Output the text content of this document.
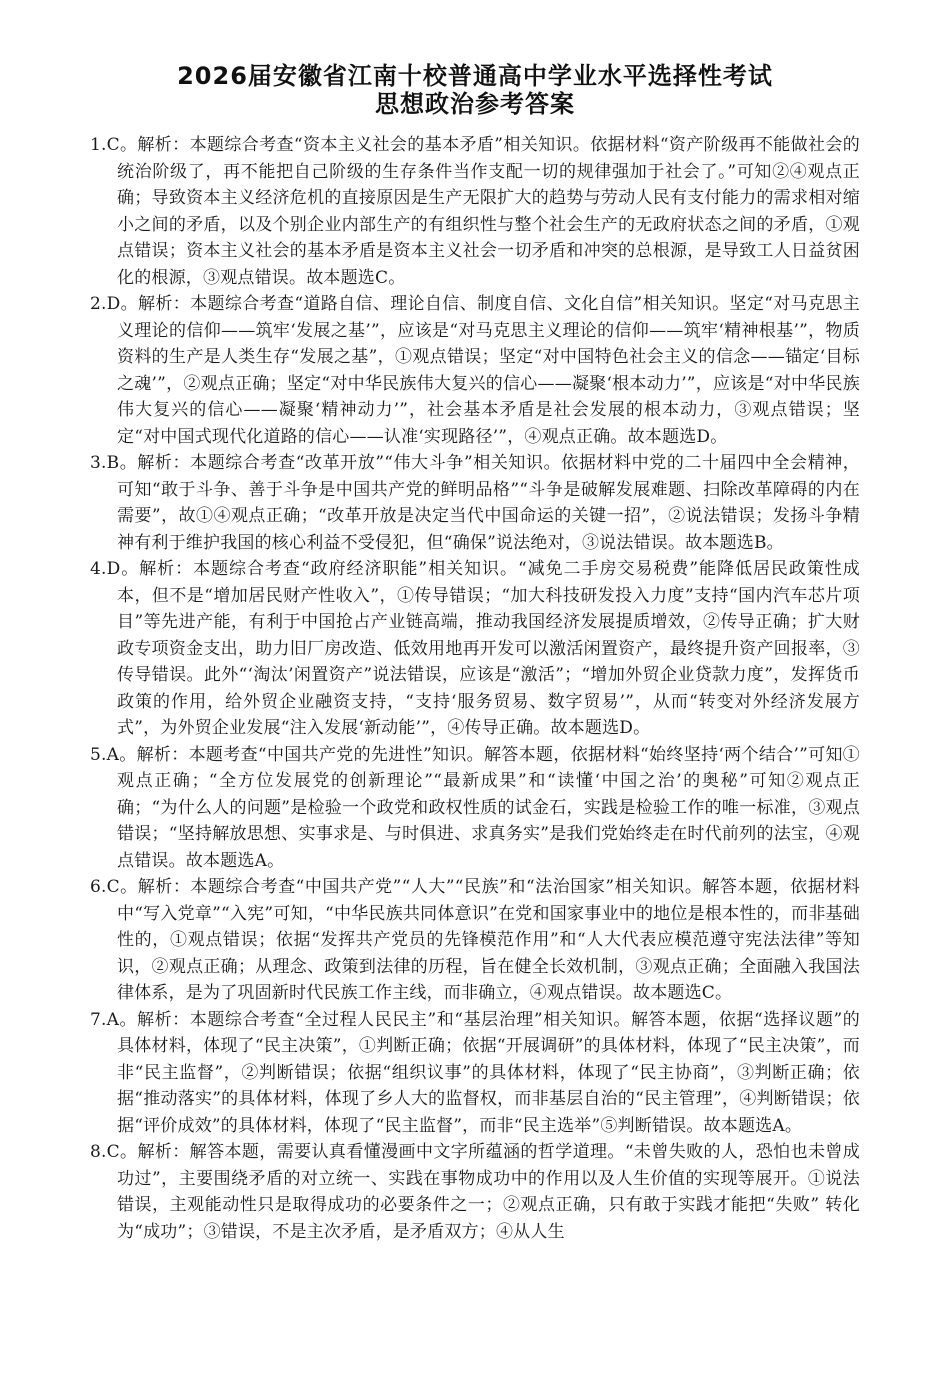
2026届安徽省江南十校普通高中学业水平选择性考试
思想政治参考答案

1.C。解析：本题综合考查“资本主义社会的基本矛盾”相关知识。依据材料“资产阶级再不能做社会的统治阶级了，再不能把自己阶级的生存条件当作支配一切的规律强加于社会了。”可知②④观点正确；导致资本主义经济危机的直接原因是生产无限扩大的趋势与劳动人民有支付能力的需求相对缩小之间的矛盾，以及个别企业内部生产的有组织性与整个社会生产的无政府状态之间的矛盾，①观点错误；资本主义社会的基本矛盾是资本主义社会一切矛盾和冲突的总根源，是导致工人日益贫困化的根源，③观点错误。故本题选C。

2.D。解析：本题综合考查“道路自信、理论自信、制度自信、文化自信”相关知识。坚定“对马克思主义理论的信仰——筑牢‘发展之基’”，应该是“对马克思主义理论的信仰——筑牢‘精神根基’”，物质资料的生产是人类生存“发展之基”，①观点错误；坚定“对中国特色社会主义的信念——锚定‘目标之魂’”，②观点正确；坚定“对中华民族伟大复兴的信心——凝聚‘根本动力’”，应该是“对中华民族伟大复兴的信心——凝聚‘精神动力’”，社会基本矛盾是社会发展的根本动力，③观点错误；坚定“对中国式现代化道路的信心——认准‘实现路径’”，④观点正确。故本题选D。

3.B。解析：本题综合考查“改革开放”“伟大斗争”相关知识。依据材料中党的二十届四中全会精神，可知“敢于斗争、善于斗争是中国共产党的鲜明品格”“斗争是破解发展难题、扫除改革障碍的内在需要”，故①④观点正确；“改革开放是决定当代中国命运的关键一招”，②说法错误；发扬斗争精神有利于维护我国的核心利益不受侵犯，但“确保”说法绝对，③说法错误。故本题选B。

4.D。解析：本题综合考查“政府经济职能”相关知识。“减免二手房交易税费”能降低居民政策性成本，但不是“增加居民财产性收入”，①传导错误；“加大科技研发投入力度”支持“国内汽车芯片项目”等先进产能，有利于中国抢占产业链高端，推动我国经济发展提质增效，②传导正确；扩大财政专项资金支出，助力旧厂房改造、低效用地再开发可以激活闲置资产，最终提升资产回报率，③传导错误。此外“‘淘汰’闲置资产”说法错误，应该是“激活”；“增加外贸企业贷款力度”，发挥货币政策的作用，给外贸企业融资支持，“支持‘服务贸易、数字贸易’”，从而“转变对外经济发展方式”，为外贸企业发展“注入发展‘新动能’”，④传导正确。故本题选D。

5.A。解析：本题考查“中国共产党的先进性”知识。解答本题，依据材料“始终坚持‘两个结合’”可知①观点正确；“全方位发展党的创新理论”“最新成果”和“读懂‘中国之治’的奥秘”可知②观点正确；“为什么人的问题”是检验一个政党和政权性质的试金石，实践是检验工作的唯一标准，③观点错误；“坚持解放思想、实事求是、与时俱进、求真务实”是我们党始终走在时代前列的法宝，④观点错误。故本题选A。

6.C。解析：本题综合考查“中国共产党”“人大”“民族”和“法治国家”相关知识。解答本题，依据材料中“写入党章”“入宪”可知，“中华民族共同体意识”在党和国家事业中的地位是根本性的，而非基础性的，①观点错误；依据“发挥共产党员的先锋模范作用”和“人大代表应模范遵守宪法法律”等知识，②观点正确；从理念、政策到法律的历程，旨在健全长效机制，③观点正确；全面融入我国法律体系，是为了巩固新时代民族工作主线，而非确立，④观点错误。故本题选C。

7.A。解析：本题综合考查“全过程人民民主”和“基层治理”相关知识。解答本题，依据“选择议题”的具体材料，体现了“民主决策”，①判断正确；依据“开展调研”的具体材料，体现了“民主决策”，而非“民主监督”，②判断错误；依据“组织议事”的具体材料，体现了“民主协商”，③判断正确；依据“推动落实”的具体材料，体现了乡人大的监督权，而非基层自治的“民主管理”，④判断错误；依据“评价成效”的具体材料，体现了“民主监督”，而非“民主选举”⑤判断错误。故本题选A。

8.C。解析：解答本题，需要认真看懂漫画中文字所蕴涵的哲学道理。“未曾失败的人，恐怕也未曾成功过”，主要围绕矛盾的对立统一、实践在事物成功中的作用以及人生价值的实现等展开。①说法错误，主观能动性只是取得成功的必要条件之一；②观点正确，只有敢于实践才能把“失败” 转化为“成功”；③错误，不是主次矛盾，是矛盾双方；④从人生
